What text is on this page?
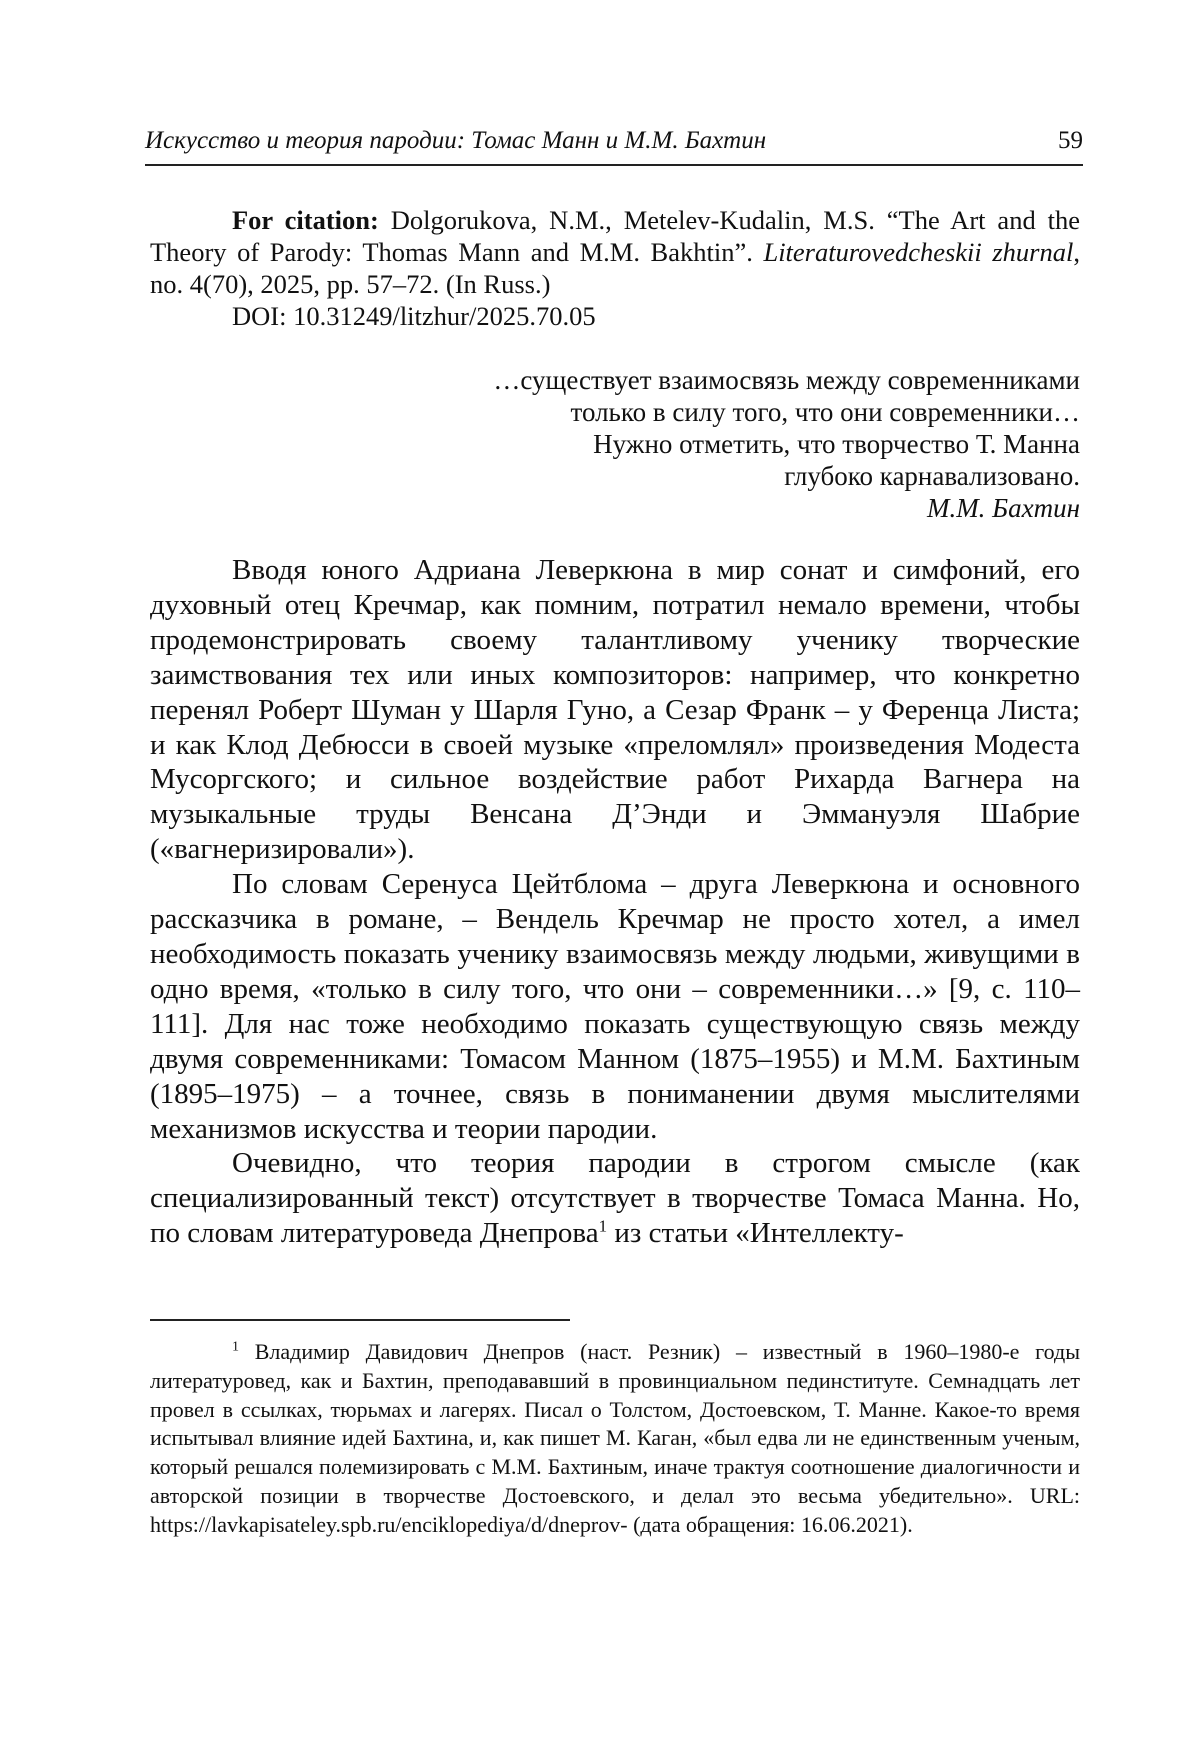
Искусство и теория пародии: Томас Манн и М.М. Бахтин	59
For citation: Dolgorukova, N.M., Metelev-Kudalin, M.S. “The Art and the Theory of Parody: Thomas Mann and M.M. Bakhtin”. Literaturovedcheskii zhurnal, no. 4(70), 2025, pp. 57–72. (In Russ.)
DOI: 10.31249/litzhur/2025.70.05
…существует взаимосвязь между современниками
только в силу того, что они современники…
Нужно отметить, что творчество Т. Манна
глубоко карнавализовано.
М.М. Бахтин

Вводя юного Адриана Леверкюна в мир сонат и симфоний, его духовный отец Кречмар, как помним, потратил немало времени, чтобы продемонстрировать своему талантливому ученику творческие заимствования тех или иных композиторов: например, что конкретно перенял Роберт Шуман у Шарля Гуно, а Сезар Франк – у Ференца Листа; и как Клод Дебюсси в своей музыке «преломлял» произведения Модеста Мусоргского; и сильное воздействие работ Рихарда Вагнера на музыкальные труды Венсана Д’Энди и Эммануэля Шабрие («вагнеризировали»).

По словам Серенуса Цейтблома – друга Леверкюна и основного рассказчика в романе, – Вендель Кречмар не просто хотел, а имел необходимость показать ученику взаимосвязь между людьми, живущими в одно время, «только в силу того, что они – современники…» [9, с. 110–111]. Для нас тоже необходимо показать существующую связь между двумя современниками: Томасом Манном (1875–1955) и М.М. Бахтиным (1895–1975) – а точнее, связь в пониманении двумя мыслителями механизмов искусства и теории пародии.

Очевидно, что теория пародии в строгом смысле (как специализированный текст) отсутствует в творчестве Томаса Манна. Но, по словам литературоведа Днепрова$^1$ из статьи «Интеллекту-

$^1$ Владимир Давидович Днепров (наст. Резник) – известный в 1960–1980-е годы литературовед, как и Бахтин, преподававший в провинциальном пединституте. Семнадцать лет провел в ссылках, тюрьмах и лагерях. Писал о Толстом, Достоевском, Т. Манне. Какое-то время испытывал влияние идей Бахтина, и, как пишет М. Каган, «был едва ли не единственным ученым, который решался полемизировать с М.М. Бахтиным, иначе трактуя соотношение диалогичности и авторской позиции в творчестве Достоевского, и делал это весьма убедительно». URL: https://lavkapisateley.spb.ru/enciklopediya/d/dneprov- (дата обращения: 16.06.2021).
